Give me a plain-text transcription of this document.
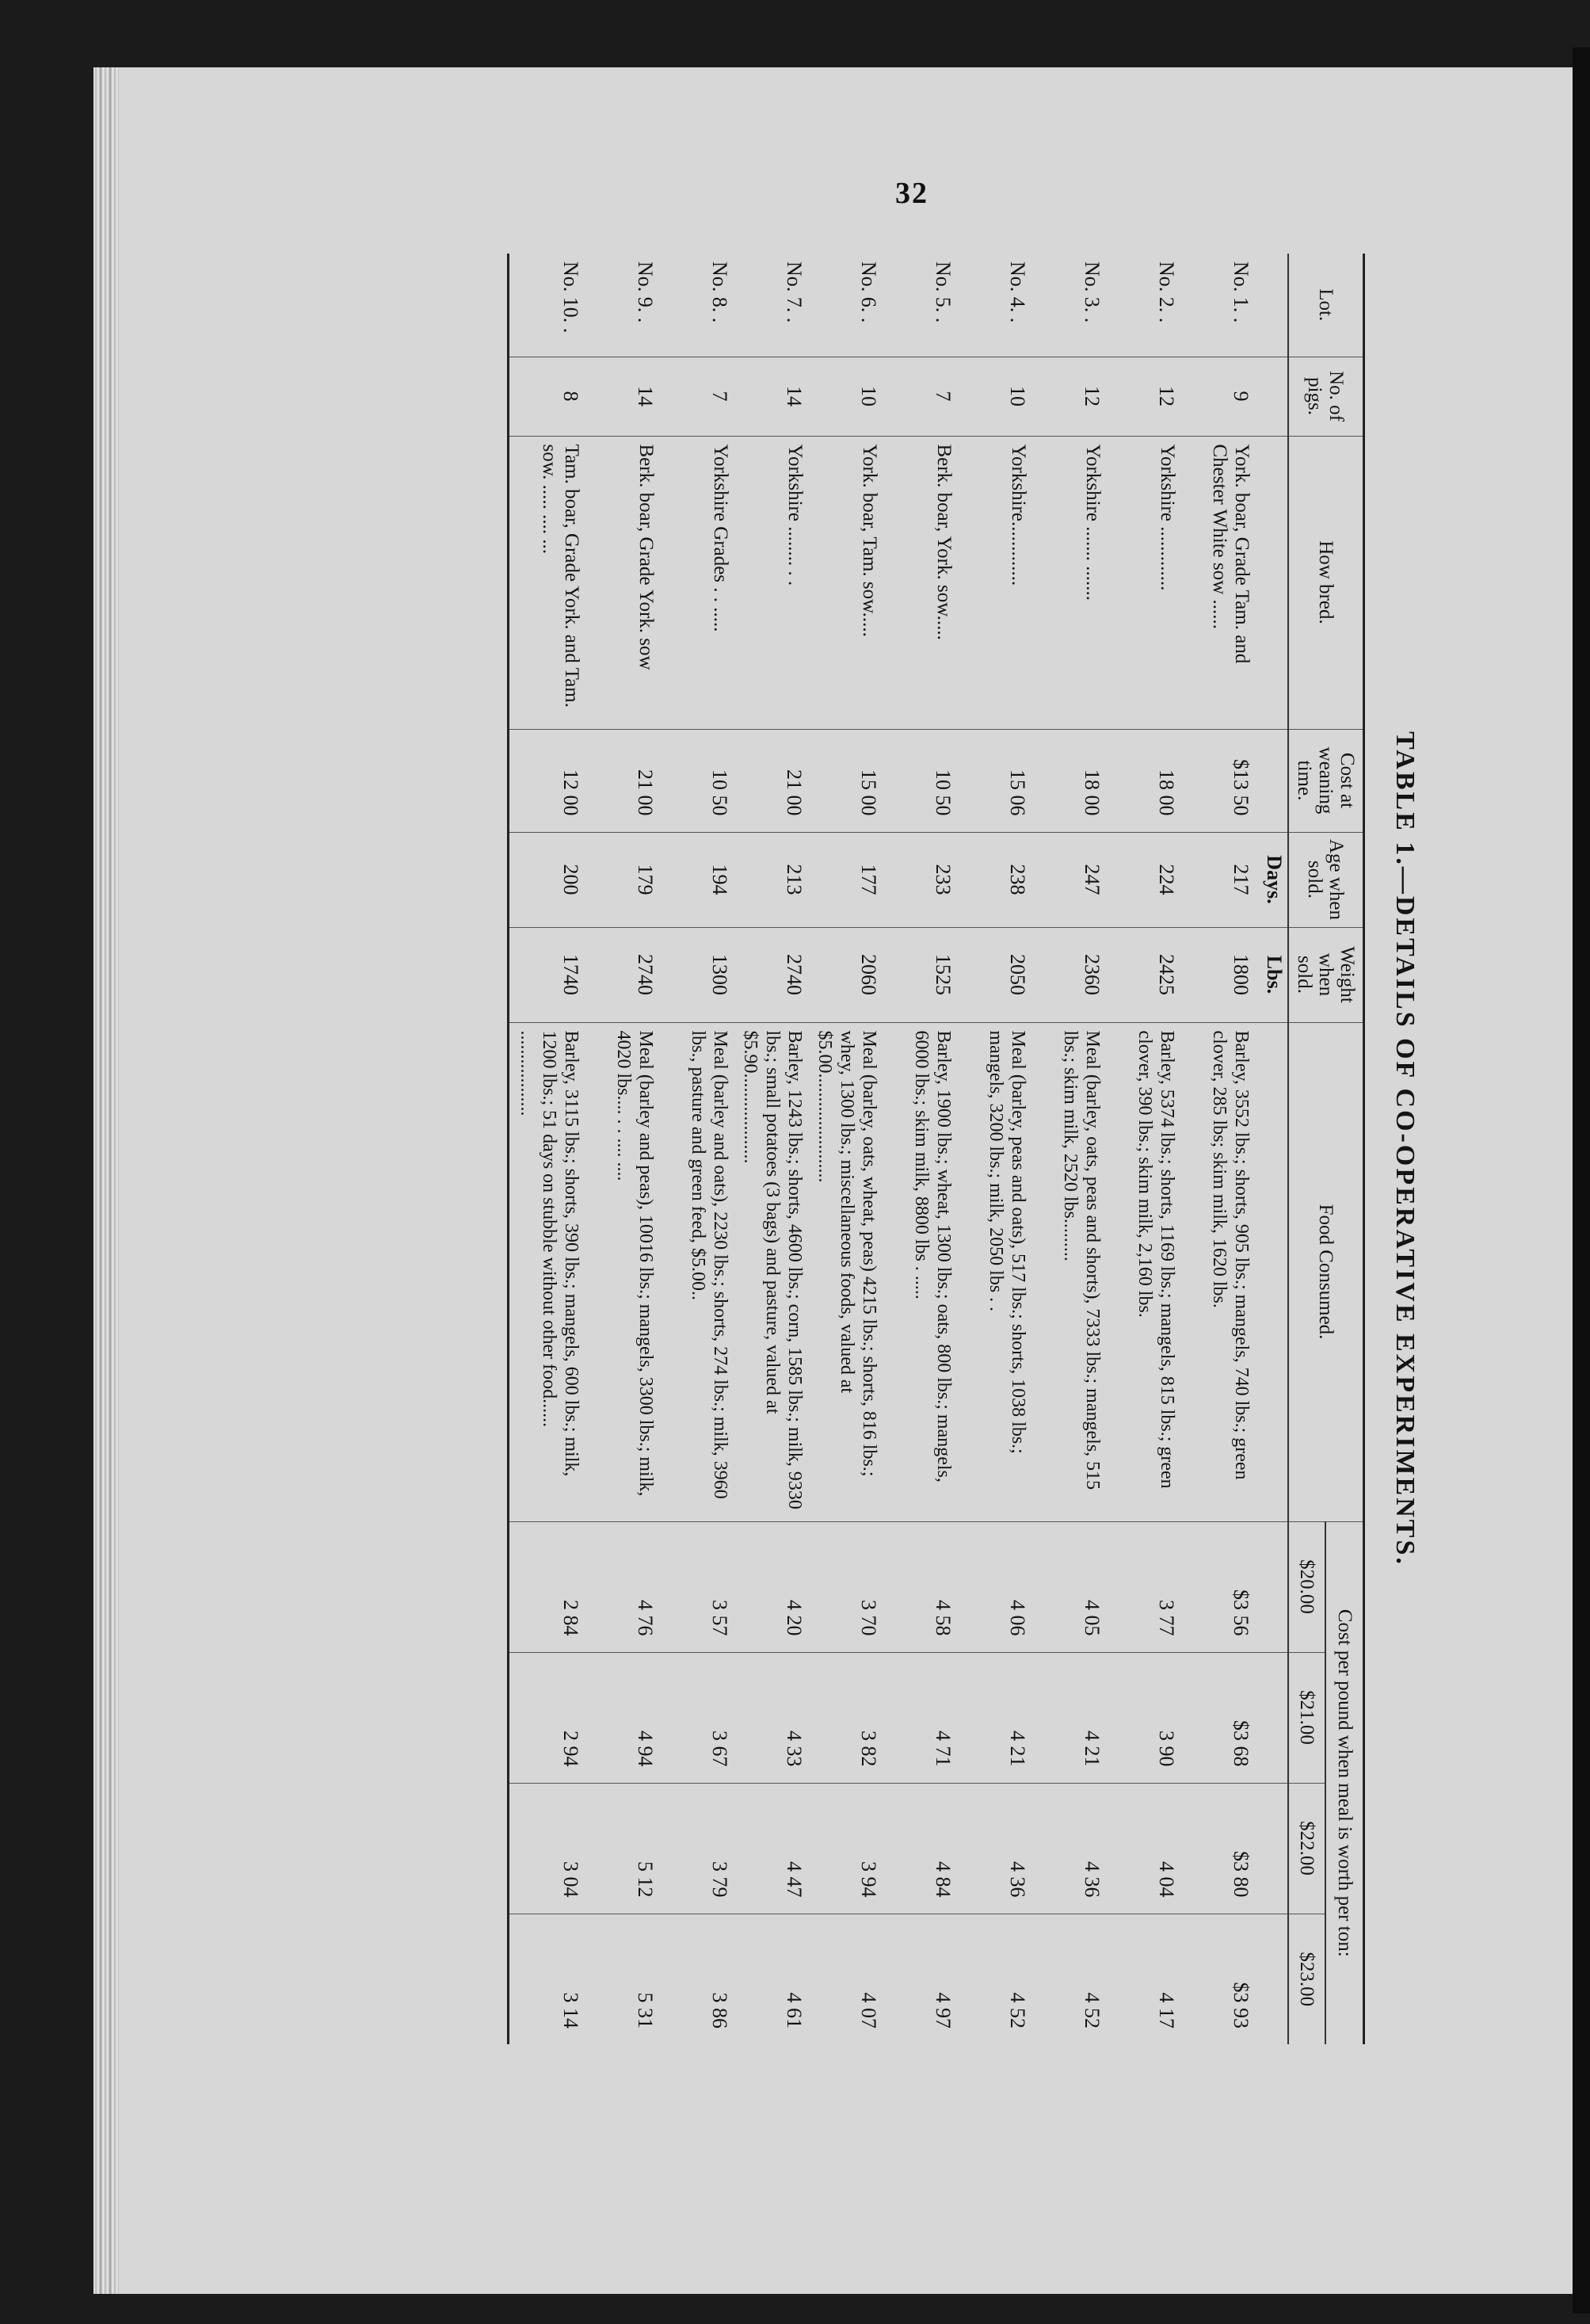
32
TABLE 1.—DETAILS OF CO-OPERATIVE EXPERIMENTS.
Lot.	No. of pigs.	How bred.	Cost at weaning time.	Age when sold.	Weight when sold.	Food Consumed.	Cost per pound when meal is worth per ton:			
							$20.00	$21.00	$22.00	$23.00
				Days.	Lbs.					
No. 1. .	9	York. boar, Grade Tam. and Chester White sow ......	$13 50	217	1800	Barley, 3552 lbs.; shorts, 905 lbs.; mangels, 740 lbs.; green clover, 285 lbs; skim milk, 1620 lbs.	$3 56	$3 68	$3 80	$3 93
No. 2. .	12	Yorkshire .............	18 00	224	2425	Barley, 5374 lbs.; shorts, 1169 lbs.; mangels, 815 lbs.; green clover, 390 lbs.; skim milk, 2,160 lbs.	3 77	3 90	4 04	4 17
No. 3. .	12	Yorkshire ....... .......	18 00	247	2360	Meal (barley, oats, peas and shorts), 7333 lbs.; mangels, 515 lbs.; skim milk, 2520 lbs.........	4 05	4 21	4 36	4 52
No. 4. .	10	Yorkshire.............	15 06	238	2050	Meal (barley, peas and oats), 517 lbs.; shorts, 1038 lbs.; mangels, 3200 lbs.; milk, 2050 lbs . .	4 06	4 21	4 36	4 52
No. 5. .	7	Berk. boar, York. sow.....	10 50	233	1525	Barley, 1900 lbs.; wheat, 1300 lbs.; oats, 800 lbs.; mangels, 6000 lbs.; skim milk, 8800 lbs . .....	4 58	4 71	4 84	4 97
No. 6. .	10	York. boar, Tam. sow.....	15 00	177	2060	Meal (barley, oats, wheat, peas) 4215 lbs.; shorts, 816 lbs.; whey, 1300 lbs.; miscellaneous foods, valued at $5.00.......................	3 70	3 82	3 94	4 07
No. 7. .	14	Yorkshire ........ . .	21 00	213	2740	Barley, 1243 lbs.; shorts, 4600 lbs.; corn, 1585 lbs.; milk, 9330 lbs.; small potatoes (3 bags) and pasture, valued at $5.90...................	4 20	4 33	4 47	4 61
No. 8. .	7	Yorkshire Grades . . .....	10 50	194	1300	Meal (barley and oats), 2230 lbs.; shorts, 274 lbs.; milk, 3960 lbs., pasture and green feed, $5.00..	3 57	3 67	3 79	3 86
No. 9. .	14	Berk. boar, Grade York. sow	21 00	179	2740	Meal (barley and peas), 10016 lbs.; mangels, 3300 lbs.; milk, 4020 lbs.... . . .... ....	4 76	4 94	5 12	5 31
No. 10. .	8	Tam. boar, Grade York. and Tam. sow. ..... .... ...	12 00	200	1740	Barley, 3115 lbs.; shorts, 390 lbs.; mangels, 600 lbs.; milk, 1200 lbs.; 51 days on stubble without other food...... ..................	2 84	2 94	3 04	3 14
